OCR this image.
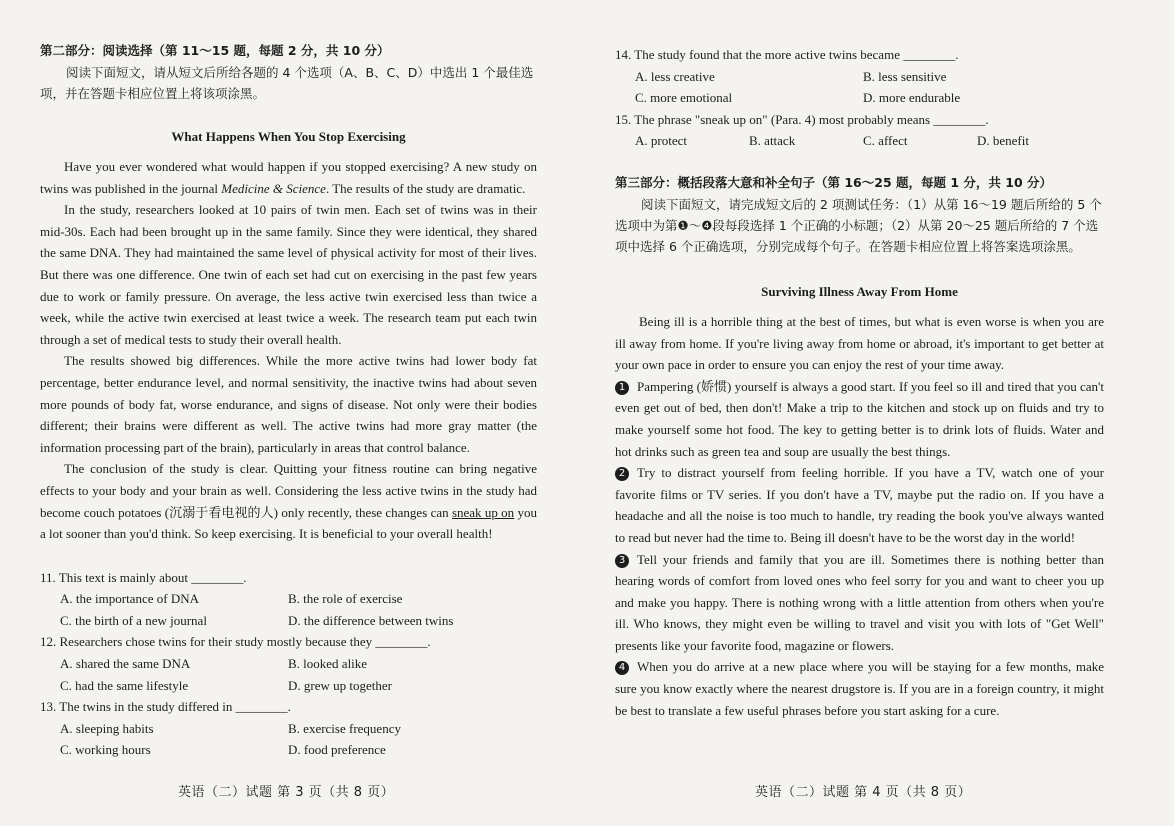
第二部分：阅读选择（第 11～15 题，每题 2 分，共 10 分）
阅读下面短文，请从短文后所给各题的 4 个选项（A、B、C、D）中选出 1 个最佳选项，并在答题卡相应位置上将该项涂黑。
What Happens When You Stop Exercising

Have you ever wondered what would happen if you stopped exercising? A new study on twins was published in the journal Medicine & Science. The results of the study are dramatic.

In the study, researchers looked at 10 pairs of twin men. Each set of twins was in their mid-30s. Each had been brought up in the same family. Since they were identical, they shared the same DNA. They had maintained the same level of physical activity for most of their lives. But there was one difference. One twin of each set had cut on exercising in the past few years due to work or family pressure. On average, the less active twin exercised less than twice a week, while the active twin exercised at least twice a week. The research team put each twin through a set of medical tests to study their overall health.

The results showed big differences. While the more active twins had lower body fat percentage, better endurance level, and normal sensitivity, the inactive twins had about seven more pounds of body fat, worse endurance, and signs of disease. Not only were their bodies different; their brains were different as well. The active twins had more gray matter (the information processing part of the brain), particularly in areas that control balance.

The conclusion of the study is clear. Quitting your fitness routine can bring negative effects to your body and your brain as well. Considering the less active twins in the study had become couch potatoes (沉溺于看电视的人) only recently, these changes can sneak up on you a lot sooner than you'd think. So keep exercising. It is beneficial to your overall health!

11. This text is mainly about ________.

A. the importance of DNA	B. the role of exercise
C. the birth of a new journal	D. the difference between twins

12. Researchers chose twins for their study mostly because they ________.

A. shared the same DNA	B. looked alike
C. had the same lifestyle	D. grew up together

13. The twins in the study differed in ________.

A. sleeping habits	B. exercise frequency
C. working hours	D. food preference
英语（二）试题 第 3 页（共 8 页）

14. The study found that the more active twins became ________.

A. less creative	B. less sensitive
C. more emotional	D. more endurable

15. The phrase "sneak up on" (Para. 4) most probably means ________.

A. protect	B. attack	C. affect	D. benefit
第三部分：概括段落大意和补全句子（第 16～25 题，每题 1 分，共 10 分）
阅读下面短文，请完成短文后的 2 项测试任务：（1）从第 16～19 题后所给的 5 个选项中为第❶～❹段每段选择 1 个正确的小标题；（2）从第 20～25 题后所给的 7 个选项中选择 6 个正确选项，分别完成每个句子。在答题卡相应位置上将答案选项涂黑。
Surviving Illness Away From Home

Being ill is a horrible thing at the best of times, but what is even worse is when you are ill away from home. If you're living away from home or abroad, it's important to get better at your own pace in order to ensure you can enjoy the rest of your time away.

1 Pampering (娇惯) yourself is always a good start. If you feel so ill and tired that you can't even get out of bed, then don't! Make a trip to the kitchen and stock up on fluids and try to make yourself some hot food. The key to getting better is to drink lots of fluids. Water and hot drinks such as green tea and soup are usually the best things.

2 Try to distract yourself from feeling horrible. If you have a TV, watch one of your favorite films or TV series. If you don't have a TV, maybe put the radio on. If you have a headache and all the noise is too much to handle, try reading the book you've always wanted to read but never had the time to. Being ill doesn't have to be the worst day in the world!

3 Tell your friends and family that you are ill. Sometimes there is nothing better than hearing words of comfort from loved ones who feel sorry for you and want to cheer you up and make you happy. There is nothing wrong with a little attention from others when you're ill. Who knows, they might even be willing to travel and visit you with lots of "Get Well" presents like your favorite food, magazine or flowers.

4 When you do arrive at a new place where you will be staying for a few months, make sure you know exactly where the nearest drugstore is. If you are in a foreign country, it might be best to translate a few useful phrases before you start asking for a cure.

英语（二）试题 第 4 页（共 8 页）
